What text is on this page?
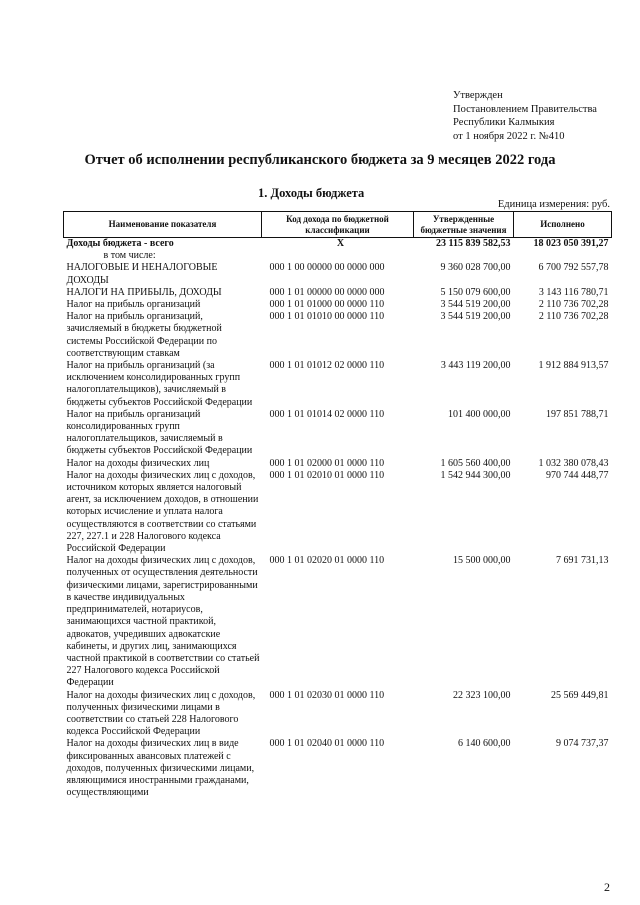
Утвержден
Постановлением Правительства
Республики Калмыкия
от 1 ноября 2022 г. №410
Отчет об исполнении республиканского бюджета за 9 месяцев 2022 года
1. Доходы бюджета
Единица измерения: руб.
Наименование показателя	Код дохода по бюджетной классификации	Утвержденные бюджетные значения	Исполнено
Доходы бюджета - всего	X	23 115 839 582,53	18 023 050 391,27
в том числе:			
НАЛОГОВЫЕ И НЕНАЛОГОВЫЕ ДОХОДЫ	000 1 00 00000 00 0000 000	9 360 028 700,00	6 700 792 557,78
НАЛОГИ НА ПРИБЫЛЬ, ДОХОДЫ	000 1 01 00000 00 0000 000	5 150 079 600,00	3 143 116 780,71
Налог на прибыль организаций	000 1 01 01000 00 0000 110	3 544 519 200,00	2 110 736 702,28
Налог на прибыль организаций, зачисляемый в бюджеты бюджетной системы Российской Федерации по соответствующим ставкам	000 1 01 01010 00 0000 110	3 544 519 200,00	2 110 736 702,28
Налог на прибыль организаций (за исключением консолидированных групп налогоплательщиков), зачисляемый в бюджеты субъектов Российской Федерации	000 1 01 01012 02 0000 110	3 443 119 200,00	1 912 884 913,57
Налог на прибыль организаций консолидированных групп налогоплательщиков, зачисляемый в бюджеты субъектов Российской Федерации	000 1 01 01014 02 0000 110	101 400 000,00	197 851 788,71
Налог на доходы физических лиц	000 1 01 02000 01 0000 110	1 605 560 400,00	1 032 380 078,43
Налог на доходы физических лиц с доходов, источником которых является налоговый агент, за исключением доходов, в отношении которых исчисление и уплата налога осуществляются в соответствии со статьями 227, 227.1 и 228 Налогового кодекса Российской Федерации	000 1 01 02010 01 0000 110	1 542 944 300,00	970 744 448,77
Налог на доходы физических лиц с доходов, полученных от осуществления деятельности физическими лицами, зарегистрированными в качестве индивидуальных предпринимателей, нотариусов, занимающихся частной практикой, адвокатов, учредивших адвокатские кабинеты, и других лиц, занимающихся частной практикой в соответствии со статьей 227 Налогового кодекса Российской Федерации	000 1 01 02020 01 0000 110	15 500 000,00	7 691 731,13
Налог на доходы физических лиц с доходов, полученных физическими лицами в соответствии со статьей 228 Налогового кодекса Российской Федерации	000 1 01 02030 01 0000 110	22 323 100,00	25 569 449,81
Налог на доходы физических лиц в виде фиксированных авансовых платежей с доходов, полученных физическими лицами, являющимися иностранными гражданами, осуществляющими	000 1 01 02040 01 0000 110	6 140 600,00	9 074 737,37
2
